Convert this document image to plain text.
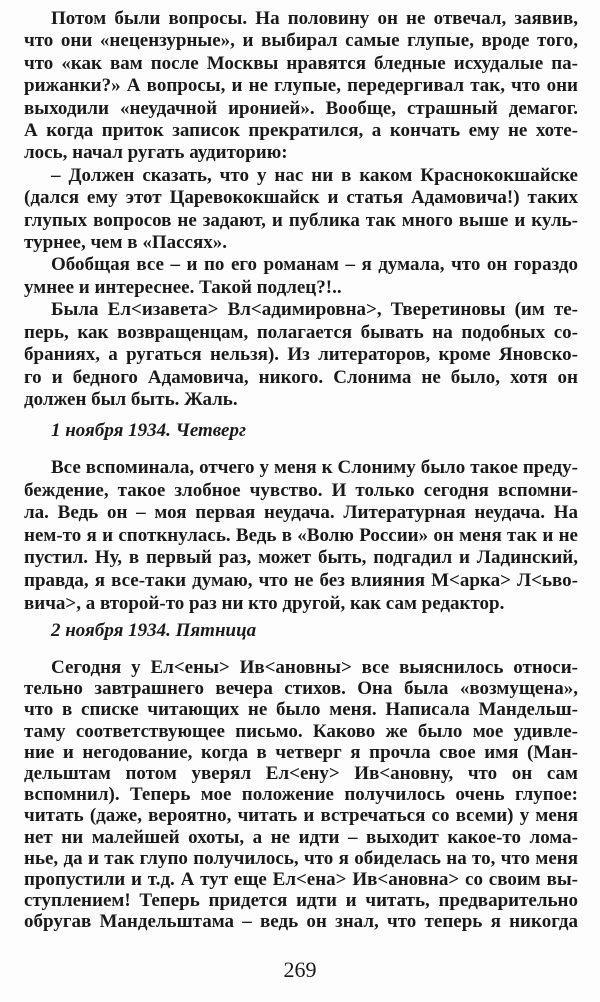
Потом были вопросы. На половину он не отвечал, заявив,
что они «нецензурные», и выбирал самые глупые, вроде того,
что «как вам после Москвы нравятся бледные исхудалые па-
рижанки?» А вопросы, и не глупые, передергивал так, что они
выходили «неудачной иронией». Вообще, страшный демагог.
А когда приток записок прекратился, а кончать ему не хоте-
лось, начал ругать аудиторию:
– Должен сказать, что у нас ни в каком Краснококшайске
(дался ему этот Царевококшайск и статья Адамовича!) таких
глупых вопросов не задают, и публика так много выше и куль-
турнее, чем в «Пассях».
Обобщая все – и по его романам – я думала, что он гораздо
умнее и интереснее. Такой подлец?!..
Была Ел<изавета> Вл<адимировна>, Тверетиновы (им те-
перь, как возвращенцам, полагается бывать на подобных со-
браниях, а ругаться нельзя). Из литераторов, кроме Яновско-
го и бедного Адамовича, никого. Слонима не было, хотя он
должен был быть. Жаль.
1 ноября 1934. Четверг
Все вспоминала, отчего у меня к Слониму было такое преду-
беждение, такое злобное чувство. И только сегодня вспомни-
ла. Ведь он – моя первая неудача. Литературная неудача. На
нем-то я и споткнулась. Ведь в «Волю России» он меня так и не
пустил. Ну, в первый раз, может быть, подгадил и Ладинский,
правда, я все-таки думаю, что не без влияния М<арка> Л<ьво-
вича>, а второй-то раз ни кто другой, как сам редактор.
2 ноября 1934. Пятница
Сегодня у Ел<ены> Ив<ановны> все выяснилось относи-
тельно завтрашнего вечера стихов. Она была «возмущена»,
что в списке читающих не было меня. Написала Мандельш-
таму соответствующее письмо. Каково же было мое удивле-
ние и негодование, когда в четверг я прочла свое имя (Ман-
дельштам потом уверял Ел<ену> Ив<ановну, что он сам
вспомнил). Теперь мое положение получилось очень глупое:
читать (даже, вероятно, читать и встречаться со всеми) у меня
нет ни малейшей охоты, а не идти – выходит какое-то лома-
нье, да и так глупо получилось, что я обиделась на то, что меня
пропустили и т.д. А тут еще Ел<ена> Ив<ановна> со своим вы-
ступлением! Теперь придется идти и читать, предварительно
обругав Мандельштама – ведь он знал, что теперь я никогда
269
